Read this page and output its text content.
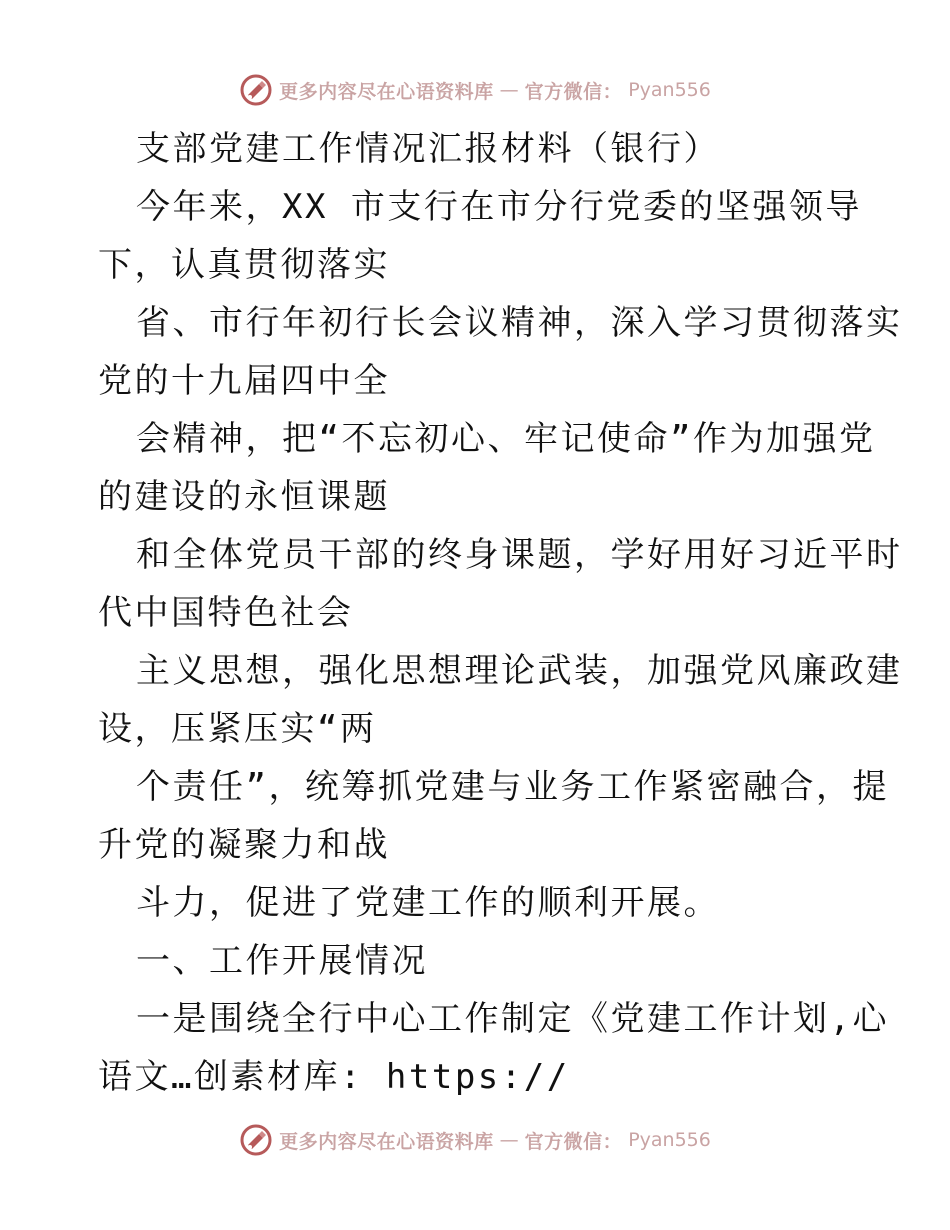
更多内容尽在心语资料库 — 官方微信： Pyan556
支部党建工作情况汇报材料（银行）
今年来，XX 市支行在市分行党委的坚强领导
下，认真贯彻落实
省、市行年初行长会议精神，深入学习贯彻落实
党的十九届四中全
会精神，把“不忘初心、牢记使命”作为加强党
的建设的永恒课题
和全体党员干部的终身课题，学好用好习近平时
代中国特色社会
主义思想，强化思想理论武装，加强党风廉政建
设，压紧压实“两
个责任”，统筹抓党建与业务工作紧密融合，提
升党的凝聚力和战
斗力，促进了党建工作的顺利开展。
一、工作开展情况
一是围绕全行中心工作制定《党建工作计划,心
语文…创素材库: https://
更多内容尽在心语资料库 — 官方微信： Pyan556
